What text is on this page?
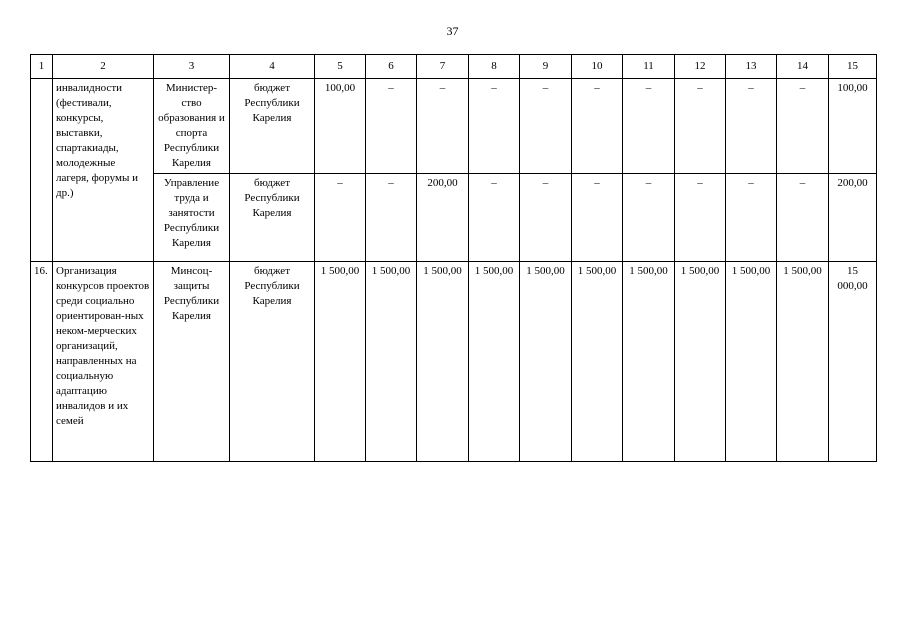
37
1	2	3	4	5	6	7	8	9	10	11	12	13	14	15
	инвалидности (фестивали, конкурсы, выставки, спартакиады, молодежные лагеря, форумы и др.)	Министер-ство образования и спорта Республики Карелия	бюджет Республики Карелия	100,00	–	–	–	–	–	–	–	–	–	100,00
		Управление труда и занятости Республики Карелия	бюджет Республики Карелия	–	–	200,00	–	–	–	–	–	–	–	200,00
16.	Организация конкурсов проектов среди социально ориентирован-ных неком-мерческих организаций, направленных на социальную адаптацию инвалидов и их семей	Минсоц-защиты Республики Карелия	бюджет Республики Карелия	1 500,00	1 500,00	1 500,00	1 500,00	1 500,00	1 500,00	1 500,00	1 500,00	1 500,00	1 500,00	15 000,00
